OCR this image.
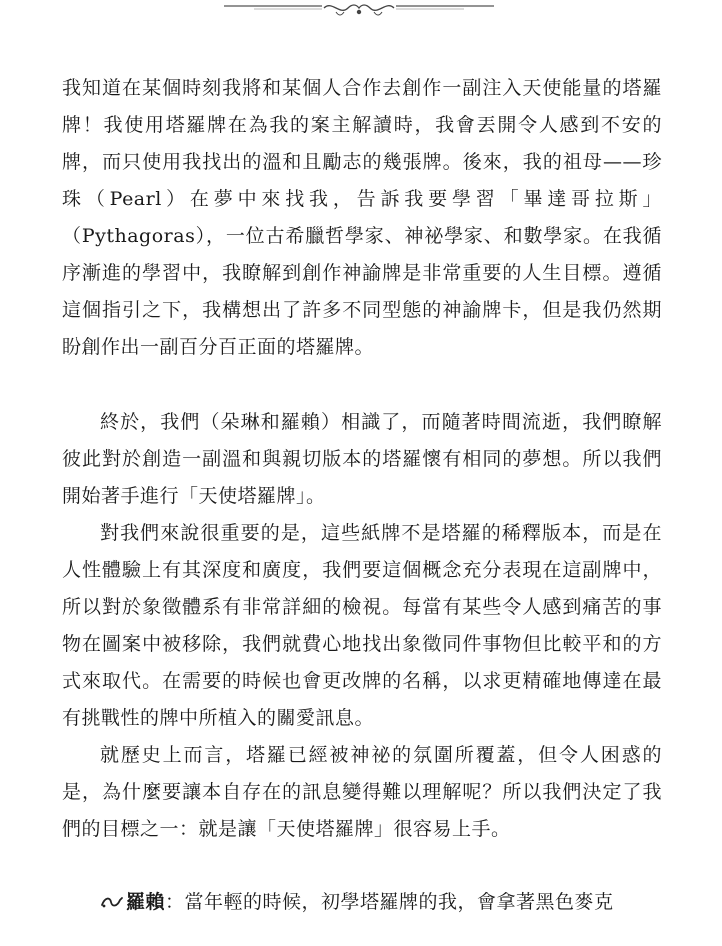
我知道在某個時刻我將和某個人合作去創作一副注入天使能量的塔羅牌！我使用塔羅牌在為我的案主解讀時，我會丟開令人感到不安的牌，而只使用我找出的溫和且勵志的幾張牌。後來，我的祖母——珍珠（Pearl）在夢中來找我，告訴我要學習「畢達哥拉斯」（Pythagoras），一位古希臘哲學家、神祕學家、和數學家。在我循序漸進的學習中，我瞭解到創作神諭牌是非常重要的人生目標。遵循這個指引之下，我構想出了許多不同型態的神諭牌卡，但是我仍然期盼創作出一副百分百正面的塔羅牌。

終於，我們（朵琳和羅賴）相識了，而隨著時間流逝，我們瞭解彼此對於創造一副溫和與親切版本的塔羅懷有相同的夢想。所以我們開始著手進行「天使塔羅牌」。

對我們來說很重要的是，這些紙牌不是塔羅的稀釋版本，而是在人性體驗上有其深度和廣度，我們要這個概念充分表現在這副牌中，所以對於象徵體系有非常詳細的檢視。每當有某些令人感到痛苦的事物在圖案中被移除，我們就費心地找出象徵同件事物但比較平和的方式來取代。在需要的時候也會更改牌的名稱，以求更精確地傳達在最有挑戰性的牌中所植入的關愛訊息。

就歷史上而言，塔羅已經被神祕的氛圍所覆蓋，但令人困惑的是，為什麼要讓本自存在的訊息變得難以理解呢？所以我們決定了我們的目標之一：就是讓「天使塔羅牌」很容易上手。

羅賴：當年輕的時候，初學塔羅牌的我，會拿著黑色麥克
